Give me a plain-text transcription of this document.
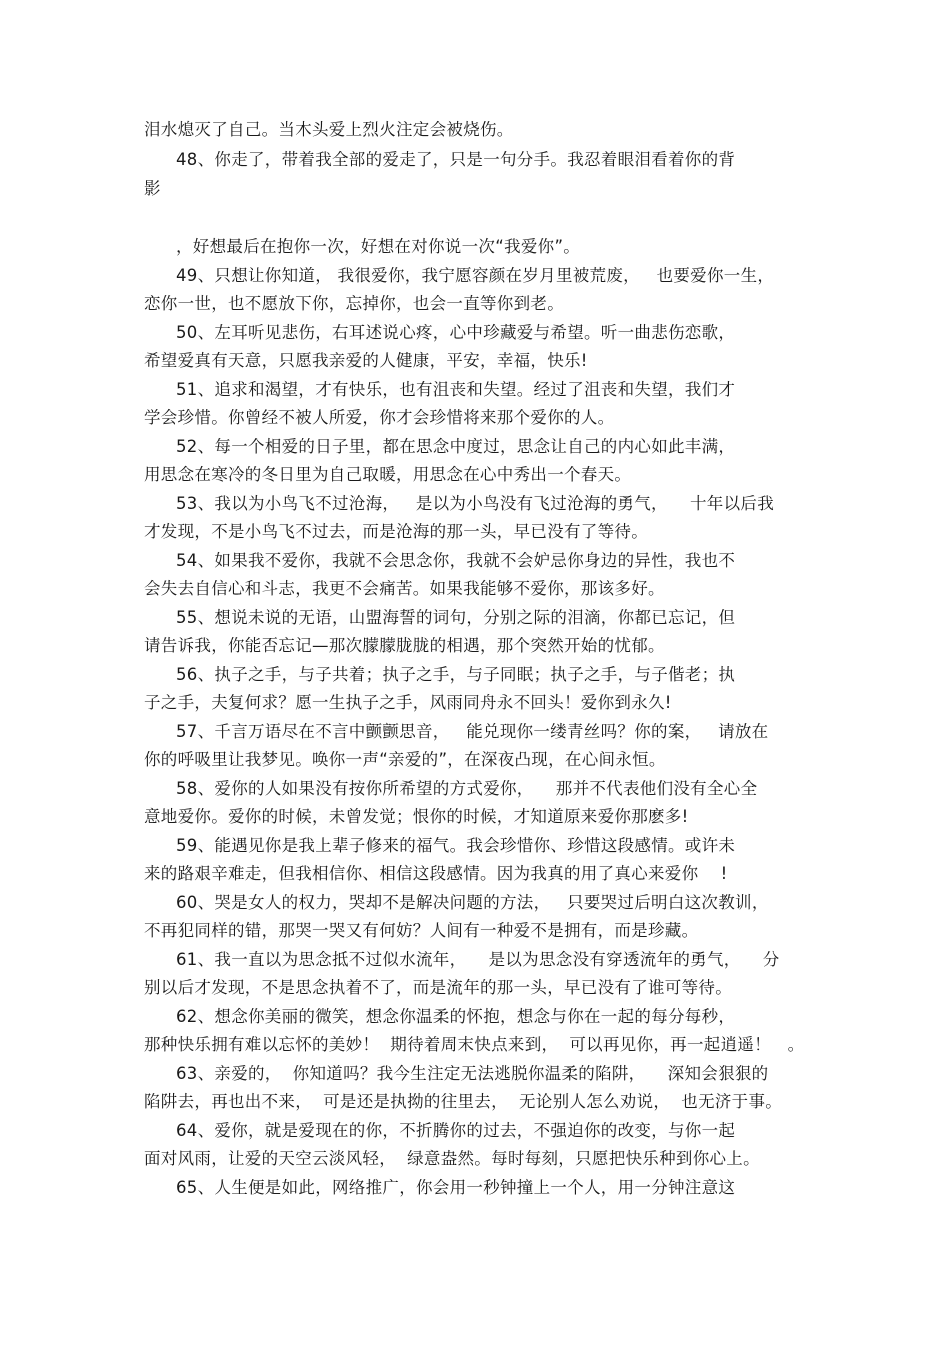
泪水熄灭了自己。当木头爱上烈火注定会被烧伤。
48、你走了，带着我全部的爱走了，只是一句分手。我忍着眼泪看着你的背
影
，好想最后在抱你一次，好想在对你说一次“我爱你”。
49、只想让你知道， 我很爱你，我宁愿容颜在岁月里被荒废，   也要爱你一生，
恋你一世，也不愿放下你，忘掉你，也会一直等你到老。
50、左耳听见悲伤，右耳述说心疼，心中珍藏爱与希望。听一曲悲伤恋歌，
希望爱真有天意，只愿我亲爱的人健康，平安，幸福，快乐!
51、追求和渴望，才有快乐，也有沮丧和失望。经过了沮丧和失望，我们才
学会珍惜。你曾经不被人所爱，你才会珍惜将来那个爱你的人。
52、每一个相爱的日子里，都在思念中度过，思念让自己的内心如此丰满，
用思念在寒冷的冬日里为自己取暖，用思念在心中秀出一个春天。
53、我以为小鸟飞不过沧海，   是以为小鸟没有飞过沧海的勇气，    十年以后我
才发现，不是小鸟飞不过去，而是沧海的那一头，早已没有了等待。
54、如果我不爱你，我就不会思念你，我就不会妒忌你身边的异性，我也不
会失去自信心和斗志，我更不会痛苦。如果我能够不爱你，那该多好。
55、想说未说的无语，山盟海誓的词句，分别之际的泪滴，你都已忘记，但
请告诉我，你能否忘记—那次朦朦胧胧的相遇，那个突然开始的忧郁。
56、执子之手，与子共着；执子之手，与子同眠；执子之手，与子偕老；执
子之手，夫复何求？愿一生执子之手，风雨同舟永不回头！爱你到永久!
57、千言万语尽在不言中颤颤思音，   能兑现你一缕青丝吗？你的案，   请放在
你的呼吸里让我梦见。唤你一声“亲爱的”，在深夜凸现，在心间永恒。
58、爱你的人如果没有按你所希望的方式爱你，    那并不代表他们没有全心全
意地爱你。爱你的时候，未曾发觉；恨你的时候，才知道原来爱你那麽多!
59、能遇见你是我上辈子修来的福气。我会珍惜你、珍惜这段感情。或许未
来的路艰辛难走，但我相信你、相信这段感情。因为我真的用了真心来爱你    !
60、哭是女人的权力，哭却不是解决问题的方法，   只要哭过后明白这次教训，
不再犯同样的错，那哭一哭又有何妨？人间有一种爱不是拥有，而是珍藏。
61、我一直以为思念抵不过似水流年，    是以为思念没有穿透流年的勇气，    分
别以后才发现，不是思念执着不了，而是流年的那一头，早已没有了谁可等待。
62、想念你美丽的微笑，想念你温柔的怀抱，想念与你在一起的每分每秒，
那种快乐拥有难以忘怀的美妙！  期待着周末快点来到，  可以再见你，再一起逍遥！   。
63、亲爱的，  你知道吗？我今生注定无法逃脱你温柔的陷阱，    深知会狠狠的
陷阱去，再也出不来，  可是还是执拗的往里去，  无论别人怎么劝说，  也无济于事。
64、爱你，就是爱现在的你，不折腾你的过去，不强迫你的改变，与你一起
面对风雨，让爱的天空云淡风轻，  绿意盎然。每时每刻，只愿把快乐种到你心上。
65、人生便是如此，网络推广，你会用一秒钟撞上一个人，用一分钟注意这
